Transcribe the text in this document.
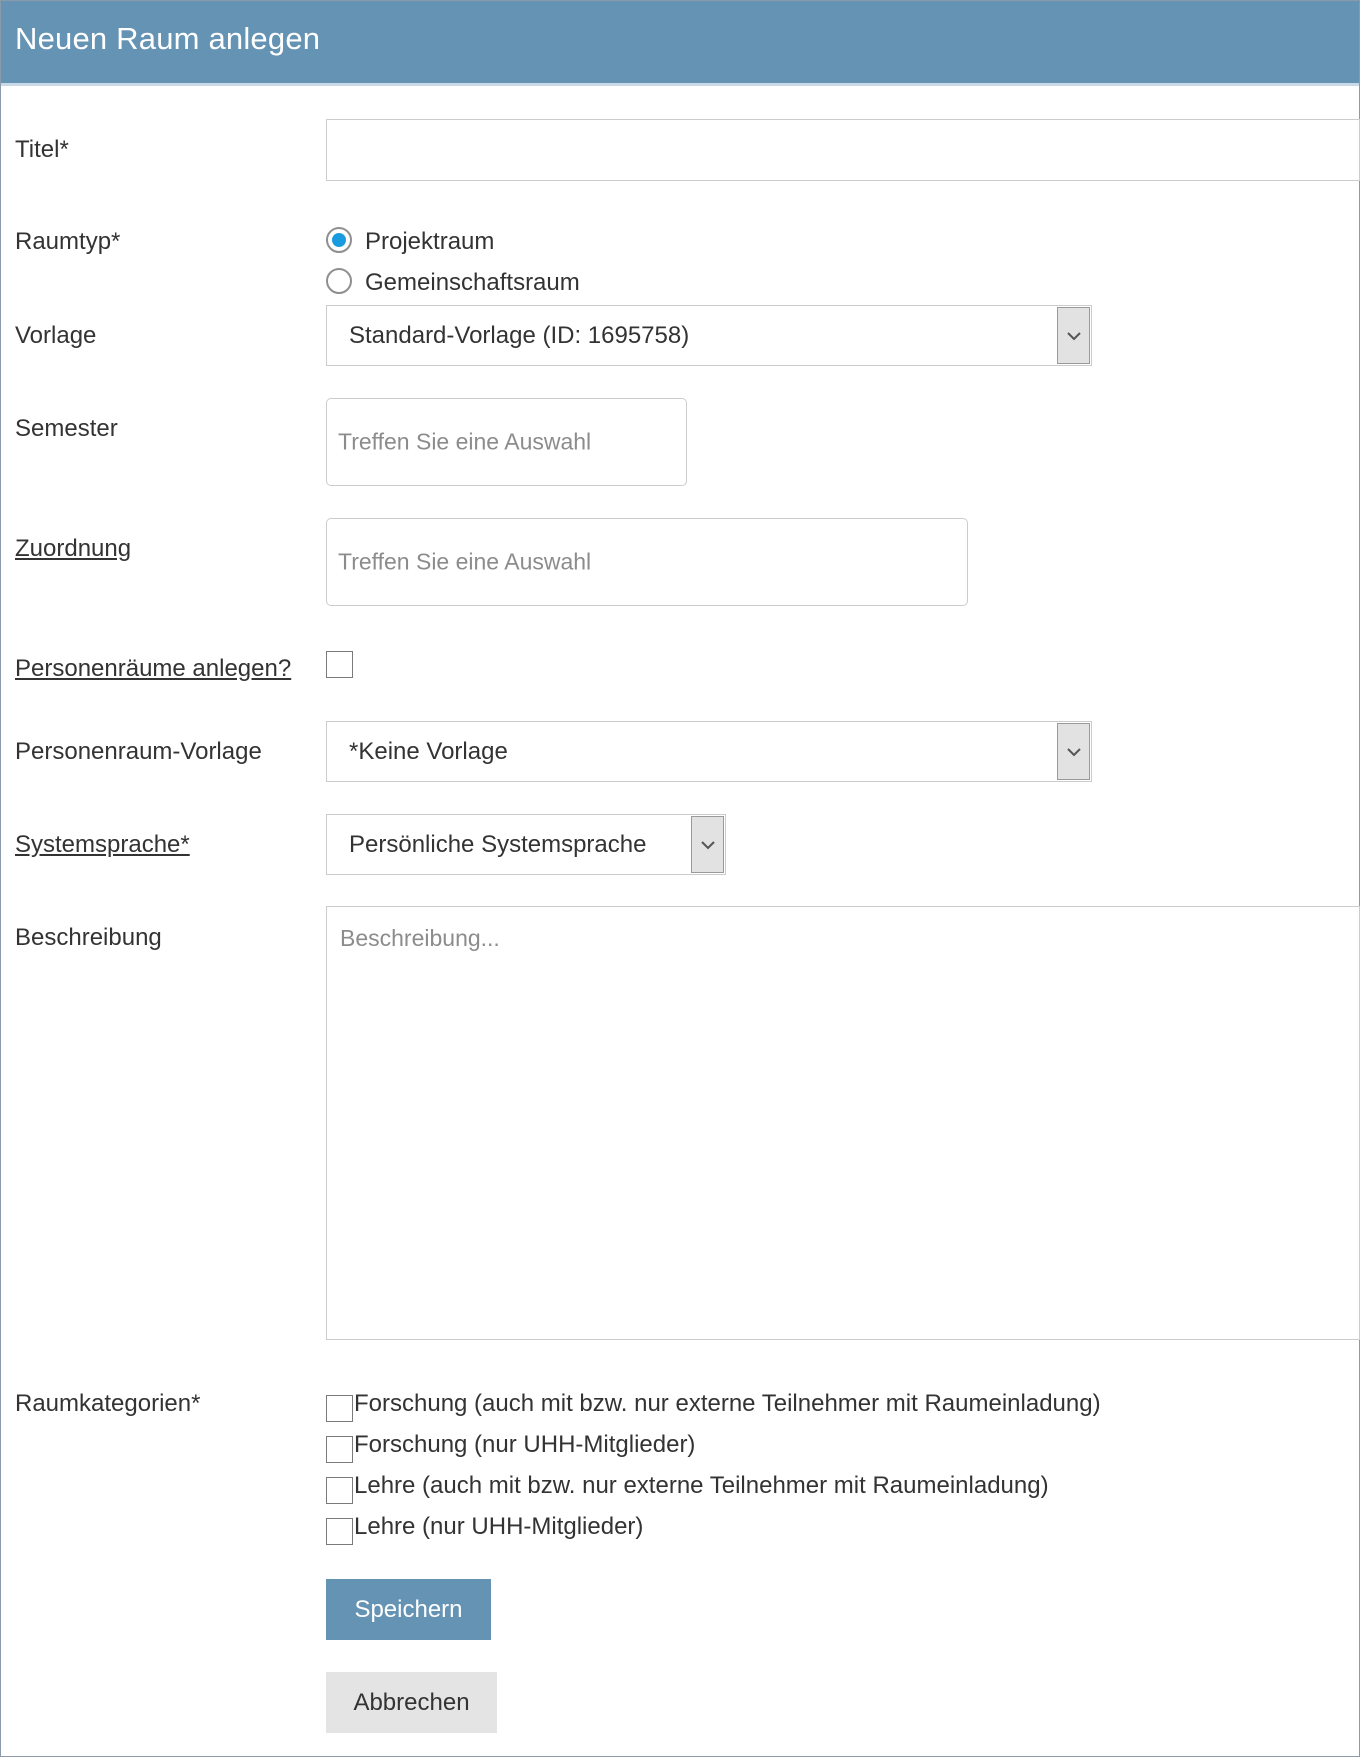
Neuen Raum anlegen
Titel*
Raumtyp*	Projektraum
Gemeinschaftsraum
Vorlage	Standard-Vorlage (ID: 1695758)
Semester	Treffen Sie eine Auswahl
Zuordnung	Treffen Sie eine Auswahl
Personenräume anlegen?
Personenraum-Vorlage	*Keine Vorlage
Systemsprache*	Persönliche Systemsprache
Beschreibung	Beschreibung...
Raumkategorien*	Forschung (auch mit bzw. nur externe Teilnehmer mit Raumeinladung)
Forschung (nur UHH-Mitglieder)
Lehre (auch mit bzw. nur externe Teilnehmer mit Raumeinladung)
Lehre (nur UHH-Mitglieder)
Speichern
Abbrechen
